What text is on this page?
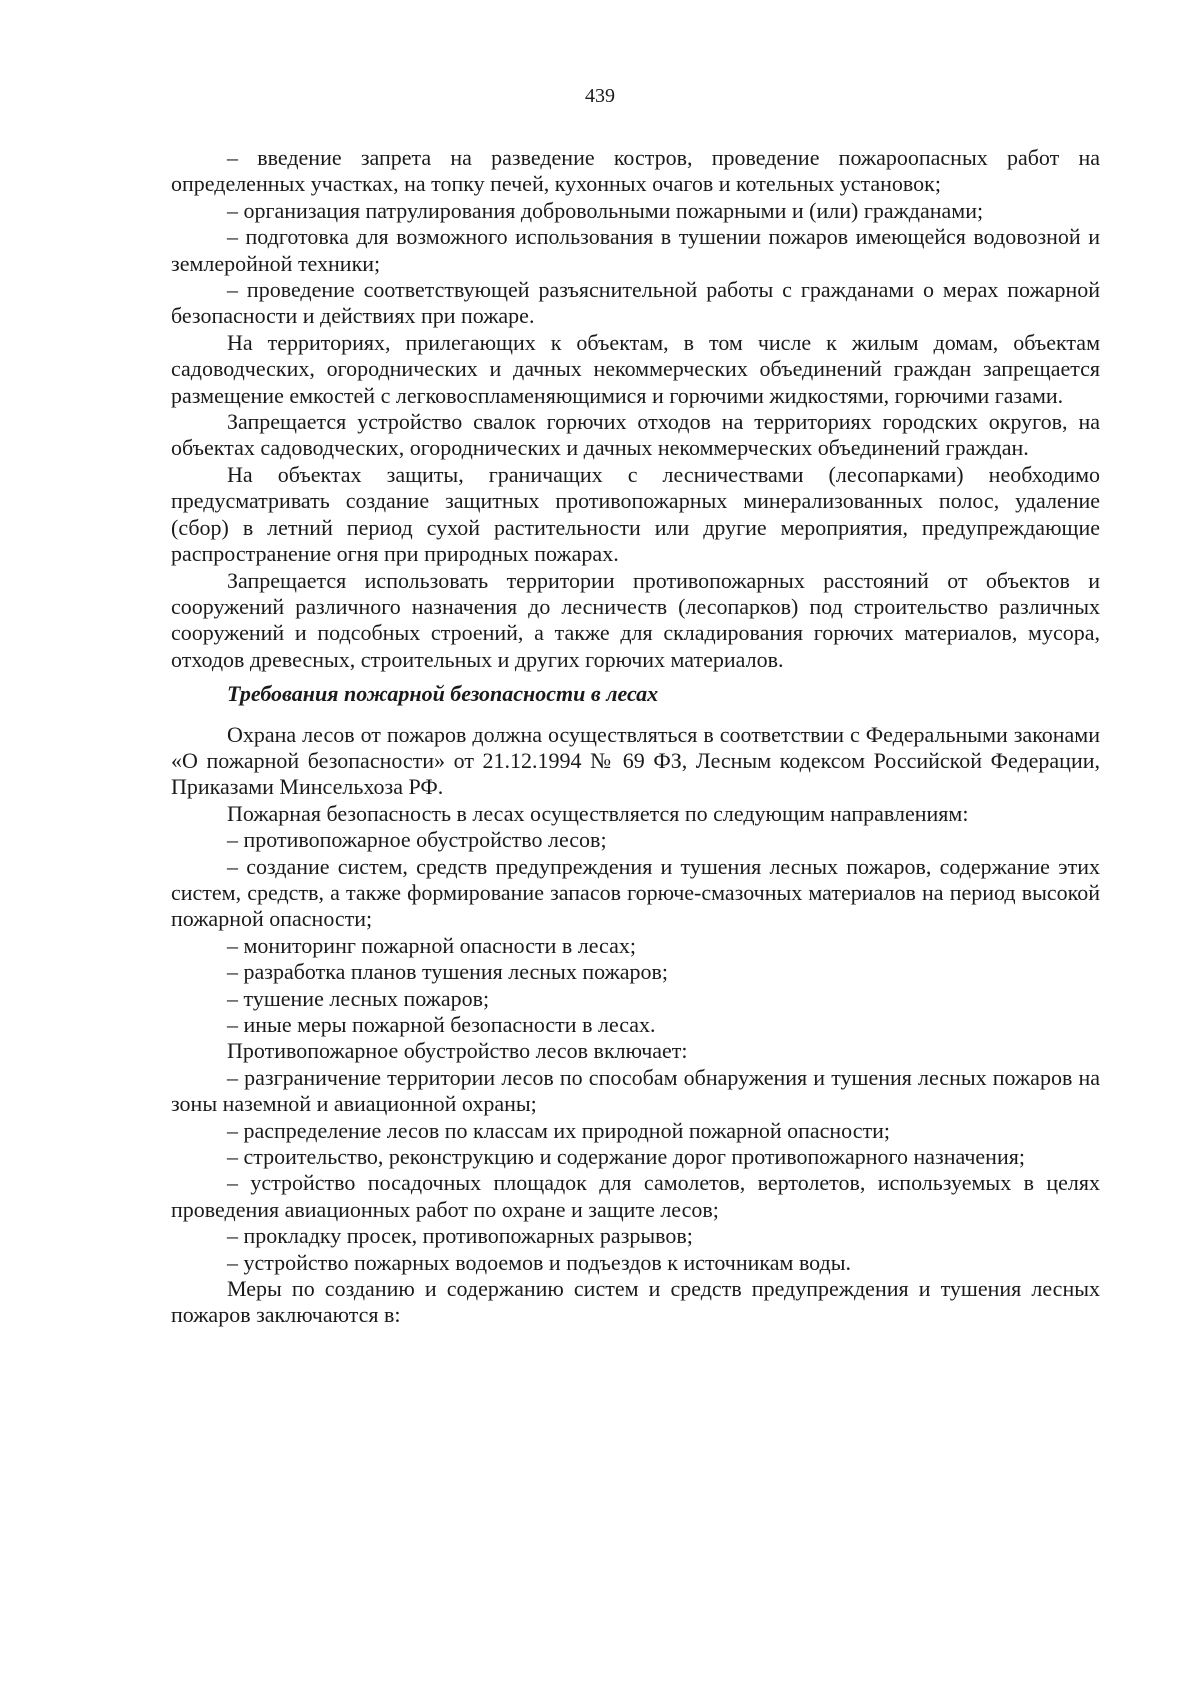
439

– введение запрета на разведение костров, проведение пожароопасных работ на определенных участках, на топку печей, кухонных очагов и котельных установок;

– организация патрулирования добровольными пожарными и (или) гражданами;

– подготовка для возможного использования в тушении пожаров имеющейся водовозной и землеройной техники;

– проведение соответствующей разъяснительной работы с гражданами о мерах пожарной безопасности и действиях при пожаре.

На территориях, прилегающих к объектам, в том числе к жилым домам, объектам садоводческих, огороднических и дачных некоммерческих объединений граждан запрещается размещение емкостей с легковоспламеняющимися и горючими жидкостями, горючими газами.

Запрещается устройство свалок горючих отходов на территориях городских округов, на объектах садоводческих, огороднических и дачных некоммерческих объединений граждан.

На объектах защиты, граничащих с лесничествами (лесопарками) необходимо предусматривать создание защитных противопожарных минерализованных полос, удаление (сбор) в летний период сухой растительности или другие мероприятия, предупреждающие распространение огня при природных пожарах.

Запрещается использовать территории противопожарных расстояний от объектов и сооружений различного назначения до лесничеств (лесопарков) под строительство различных сооружений и подсобных строений, а также для складирования горючих материалов, мусора, отходов древесных, строительных и других горючих материалов.

Требования пожарной безопасности в лесах

Охрана лесов от пожаров должна осуществляться в соответствии с Федеральными законами «О пожарной безопасности» от 21.12.1994 № 69 ФЗ, Лесным кодексом Российской Федерации, Приказами Минсельхоза РФ.

Пожарная безопасность в лесах осуществляется по следующим направлениям:

– противопожарное обустройство лесов;

– создание систем, средств предупреждения и тушения лесных пожаров, содержание этих систем, средств, а также формирование запасов горюче-смазочных материалов на период высокой пожарной опасности;

– мониторинг пожарной опасности в лесах;

– разработка планов тушения лесных пожаров;

– тушение лесных пожаров;

– иные меры пожарной безопасности в лесах.

Противопожарное обустройство лесов включает:

– разграничение территории лесов по способам обнаружения и тушения лесных пожаров на зоны наземной и авиационной охраны;

– распределение лесов по классам их природной пожарной опасности;

– строительство, реконструкцию и содержание дорог противопожарного назначения;

– устройство посадочных площадок для самолетов, вертолетов, используемых в целях проведения авиационных работ по охране и защите лесов;

– прокладку просек, противопожарных разрывов;

– устройство пожарных водоемов и подъездов к источникам воды.

Меры по созданию и содержанию систем и средств предупреждения и тушения лесных пожаров заключаются в:
